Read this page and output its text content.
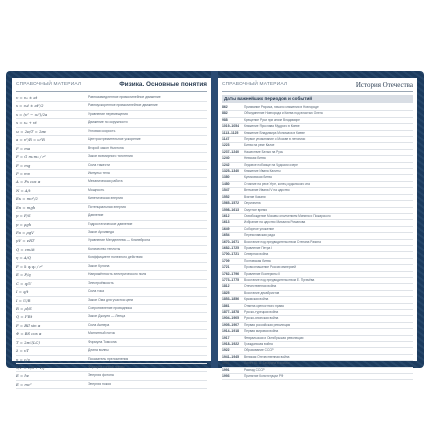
СПРАВОЧНЫЙ МАТЕРИАЛ	Физика. Основные понятия
υ = υ₀ ± at	Равнозамедленное прямолинейное движение
s = υ₀t ± at²/2	Равноускоренное прямолинейное движение
s = (υ² − υ₀²)/2a	Уравнение перемещения
x = x₀ + υt	Движение по окружности
ω = 2π/T = 2πν	Угловая скорость
a = υ²/R = ω²R	Центростремительное ускорение
F = ma	Второй закон Ньютона
F = G m₁m₂ / r²	Закон всемирного тяготения
F = mg	Сила тяжести
P = mυ	Импульс тела
A = Fs cos α	Механическая работа
N = A/t	Мощность
Eк = mυ²/2	Кинетическая энергия
Eп = mgh	Потенциальная энергия
p = F/S	Давление
p = ρgh	Гидростатическое давление
Fа = ρgV	Закон Архимеда
pV = νRT	Уравнение Менделеева — Клапейрона
Q = cmΔt	Количество теплоты
η = A/Q	Коэффициент полезного действия
F = k q₁q₂ / r²	Закон Кулона
E = F/q	Напряжённость электрического поля
C = q/U	Электроёмкость
I = q/t	Сила тока
I = U/R	Закон Ома для участка цепи
R = ρl/S	Сопротивление проводника
Q = I²Rt	Закон Джоуля — Ленца
F = BIl sin α	Сила Ампера
Φ = BS cos α	Магнитный поток
T = 2π√(LC)	Формула Томсона
λ = υT	Длина волны
n = c/υ	Показатель преломления
1/F = 1/d + 1/f	Формула тонкой линзы
E = hν	Энергия фотона
E = mc²	Энергия покоя
СПРАВОЧНЫЙ МАТЕРИАЛ	История Отечества
Даты важнейших периодов и событий
862	Призвание Рюрика, начало княжения в Новгороде
882	Объединение Новгорода и Киева под властью Олега
988	Крещение Руси при князе Владимире
1019–1054	Княжение Ярослава Мудрого в Киеве
1113–1125	Княжение Владимира Мономаха в Киеве
1147	Первое упоминание о Москве в летописи
1223	Битва на реке Калке
1237–1240	Нашествие Батыя на Русь
1240	Невская битва
1242	Ледовое побоище на Чудском озере
1325–1340	Княжение Ивана Калиты
1380	Куликовская битва
1480	Стояние на реке Угре, конец ордынского ига
1547	Венчание Ивана IV на царство
1552	Взятие Казани
1565–1572	Опричнина
1598–1613	Смутное время
1612	Освобождение Москвы ополчением Минина и Пожарского
1613	Избрание на царство Михаила Романова
1649	Соборное уложение
1654	Переяславская рада
1670–1671	Восстание под предводительством Степана Разина
1682–1725	Правление Петра I
1700–1721	Северная война
1709	Полтавская битва
1721	Провозглашение России империей
1762–1796	Правление Екатерины II
1773–1775	Восстание под предводительством Е. Пугачёва
1812	Отечественная война
1825	Восстание декабристов
1853–1856	Крымская война
1861	Отмена крепостного права
1877–1878	Русско-турецкая война
1904–1905	Русско-японская война
1905–1907	Первая российская революция
1914–1918	Первая мировая война
1917	Февральская и Октябрьская революции
1918–1922	Гражданская война
1922	Образование СССР
1941–1945	Великая Отечественная война
1961	Полёт Ю. А. Гагарина в космос
1991	Распад СССР
1993	Принятие Конституции РФ
